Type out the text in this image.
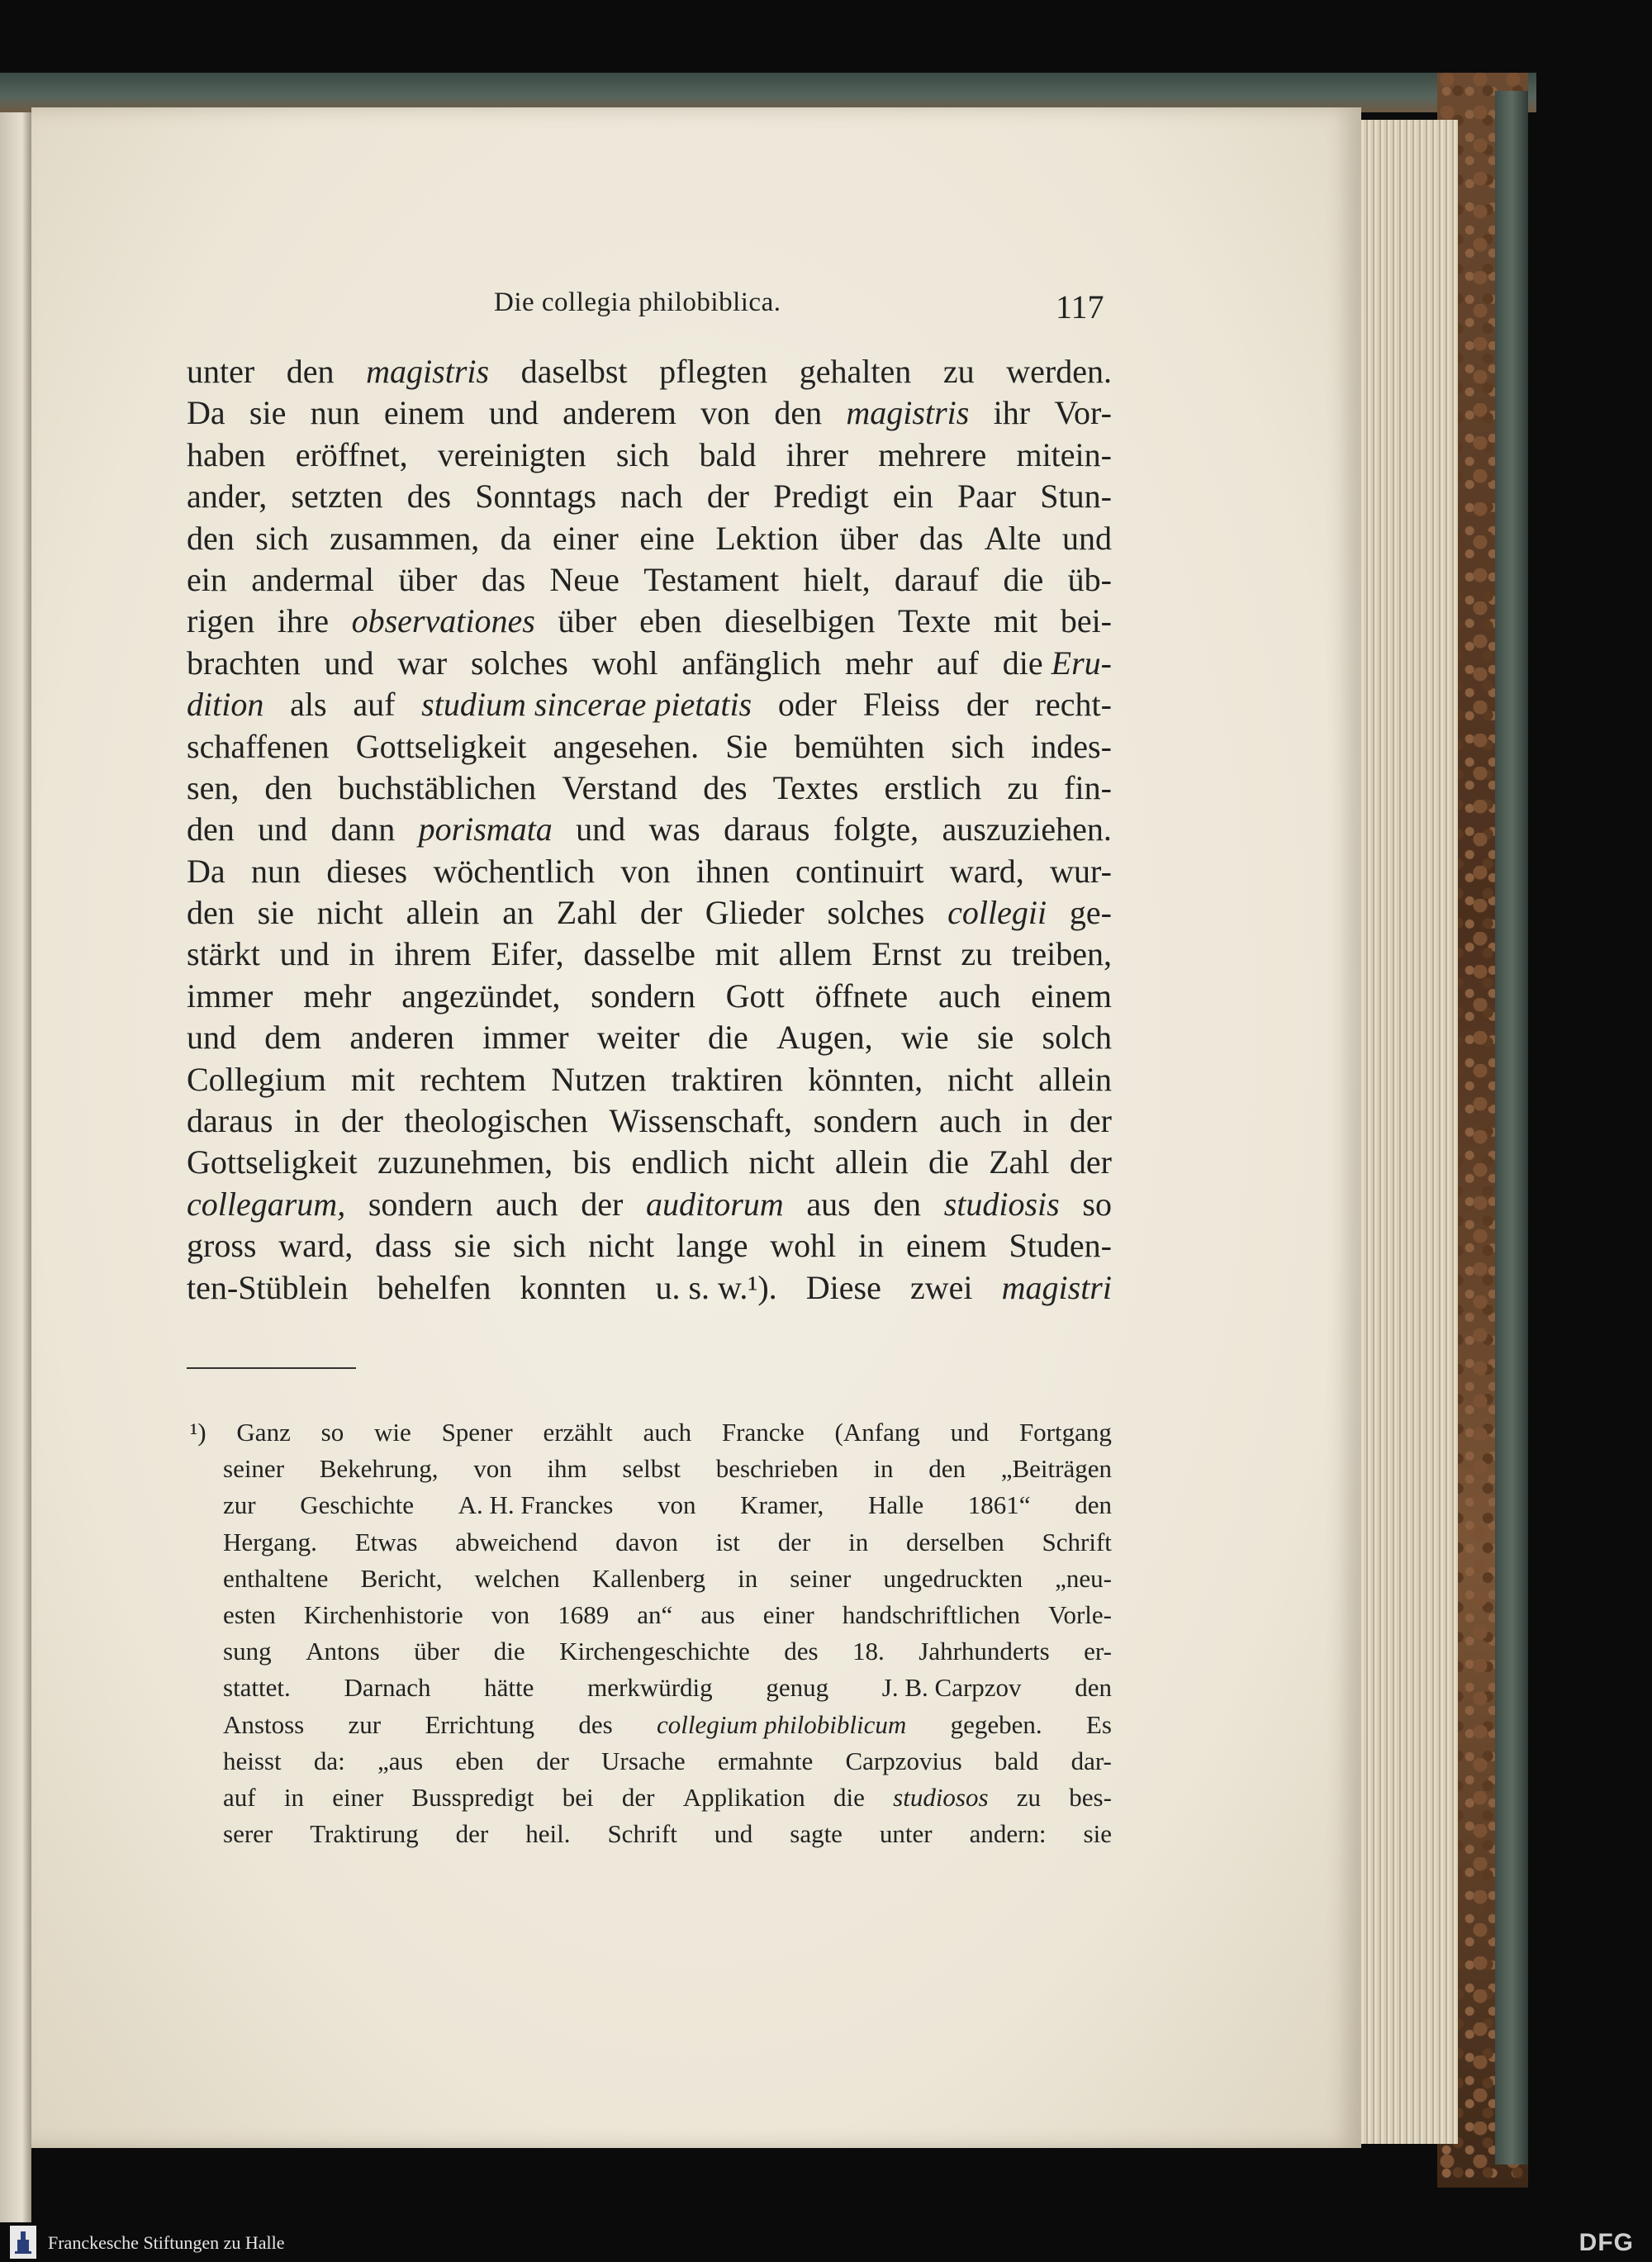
Die collegia philobiblica.	117
unter den magistris daselbst pflegten gehalten zu werden.
Da sie nun einem und anderem von den magistris ihr Vor-
haben eröffnet, vereinigten sich bald ihrer mehrere mitein-
ander, setzten des Sonntags nach der Predigt ein Paar Stun-
den sich zusammen, da einer eine Lektion über das Alte und
ein andermal über das Neue Testament hielt, darauf die üb-
rigen ihre observationes über eben dieselbigen Texte mit bei-
brachten und war solches wohl anfänglich mehr auf die Eru-
dition als auf studium sincerae pietatis oder Fleiss der recht-
schaffenen Gottseligkeit angesehen. Sie bemühten sich indes-
sen, den buchstäblichen Verstand des Textes erstlich zu fin-
den und dann porismata und was daraus folgte, auszuziehen.
Da nun dieses wöchentlich von ihnen continuirt ward, wur-
den sie nicht allein an Zahl der Glieder solches collegii ge-
stärkt und in ihrem Eifer, dasselbe mit allem Ernst zu treiben,
immer mehr angezündet, sondern Gott öffnete auch einem
und dem anderen immer weiter die Augen, wie sie solch
Collegium mit rechtem Nutzen traktiren könnten, nicht allein
daraus in der theologischen Wissenschaft, sondern auch in der
Gottseligkeit zuzunehmen, bis endlich nicht allein die Zahl der
collegarum, sondern auch der auditorum aus den studiosis so
gross ward, dass sie sich nicht lange wohl in einem Studen-
ten-Stüblein behelfen konnten u. s. w.¹). Diese zwei magistri
¹) Ganz so wie Spener erzählt auch Francke (Anfang und Fortgang
seiner Bekehrung, von ihm selbst beschrieben in den „Beiträgen
zur Geschichte A. H. Franckes von Kramer, Halle 1861“ den
Hergang. Etwas abweichend davon ist der in derselben Schrift
enthaltene Bericht, welchen Kallenberg in seiner ungedruckten „neu-
esten Kirchenhistorie von 1689 an“ aus einer handschriftlichen Vorle-
sung Antons über die Kirchengeschichte des 18. Jahrhunderts er-
stattet. Darnach hätte merkwürdig genug J. B. Carpzov den
Anstoss zur Errichtung des collegium philobiblicum gegeben. Es
heisst da: „aus eben der Ursache ermahnte Carpzovius bald dar-
auf in einer Busspredigt bei der Applikation die studiosos zu bes-
serer Traktirung der heil. Schrift und sagte unter andern: sie
Franckesche Stiftungen zu Halle	DFG
